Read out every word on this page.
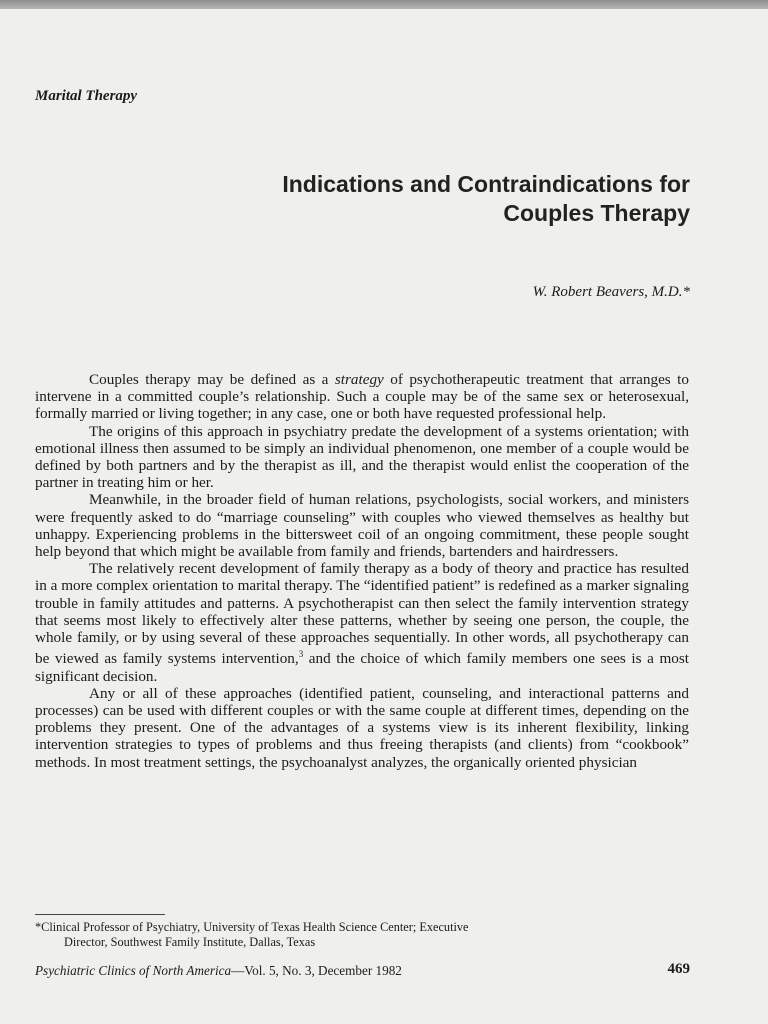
Marital Therapy
Indications and Contraindications for
Couples Therapy
W. Robert Beavers, M.D.*

Couples therapy may be defined as a strategy of psychotherapeutic treatment that arranges to intervene in a committed couple’s relationship. Such a couple may be of the same sex or heterosexual, formally married or living together; in any case, one or both have requested professional help.

The origins of this approach in psychiatry predate the development of a systems orientation; with emotional illness then assumed to be simply an individual phenomenon, one member of a couple would be defined by both partners and by the therapist as ill, and the therapist would enlist the cooperation of the partner in treating him or her.

Meanwhile, in the broader field of human relations, psychologists, social workers, and ministers were frequently asked to do “marriage counseling” with couples who viewed themselves as healthy but unhappy. Experiencing problems in the bittersweet coil of an ongoing commitment, these people sought help beyond that which might be available from family and friends, bartenders and hairdressers.

The relatively recent development of family therapy as a body of theory and practice has resulted in a more complex orientation to marital therapy. The “identified patient” is redefined as a marker signaling trouble in family attitudes and patterns. A psychotherapist can then select the family intervention strategy that seems most likely to effectively alter these patterns, whether by seeing one person, the couple, the whole family, or by using several of these approaches sequentially. In other words, all psychotherapy can be viewed as family systems intervention,$^3$ and the choice of which family members one sees is a most significant decision.

Any or all of these approaches (identified patient, counseling, and interactional patterns and processes) can be used with different couples or with the same couple at different times, depending on the problems they present. One of the advantages of a systems view is its inherent flexibility, linking intervention strategies to types of problems and thus freeing therapists (and clients) from “cookbook” methods. In most treatment settings, the psychoanalyst analyzes, the organically oriented physician

*Clinical Professor of Psychiatry, University of Texas Health Science Center; Executive
Director, Southwest Family Institute, Dallas, Texas
Psychiatric Clinics of North America—Vol. 5, No. 3, December 1982	469
